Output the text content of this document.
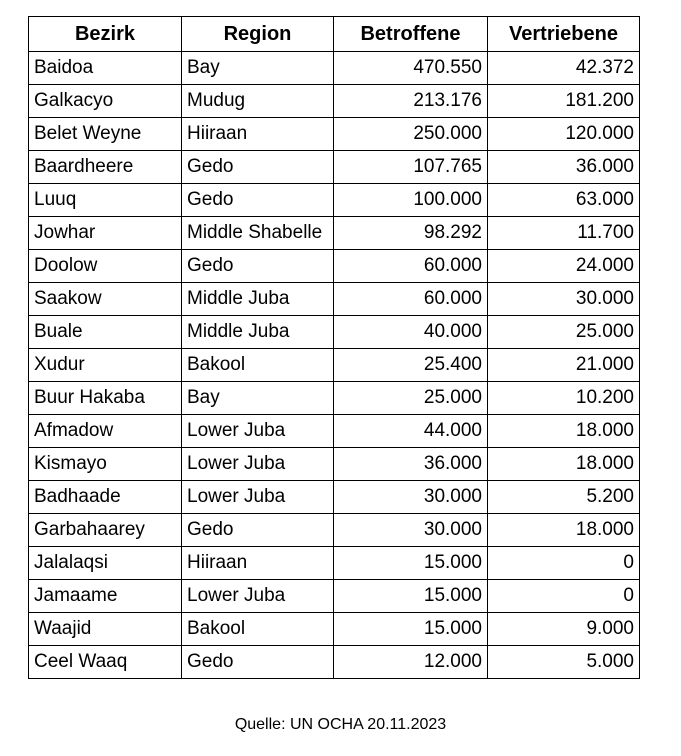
Bezirk	Region	Betroffene	Vertriebene
Baidoa	Bay	470.550	42.372
Galkacyo	Mudug	213.176	181.200
Belet Weyne	Hiiraan	250.000	120.000
Baardheere	Gedo	107.765	36.000
Luuq	Gedo	100.000	63.000
Jowhar	Middle Shabelle	98.292	11.700
Doolow	Gedo	60.000	24.000
Saakow	Middle Juba	60.000	30.000
Buale	Middle Juba	40.000	25.000
Xudur	Bakool	25.400	21.000
Buur Hakaba	Bay	25.000	10.200
Afmadow	Lower Juba	44.000	18.000
Kismayo	Lower Juba	36.000	18.000
Badhaade	Lower Juba	30.000	5.200
Garbahaarey	Gedo	30.000	18.000
Jalalaqsi	Hiiraan	15.000	0
Jamaame	Lower Juba	15.000	0
Waajid	Bakool	15.000	9.000
Ceel Waaq	Gedo	12.000	5.000
Quelle: UN OCHA 20.11.2023
